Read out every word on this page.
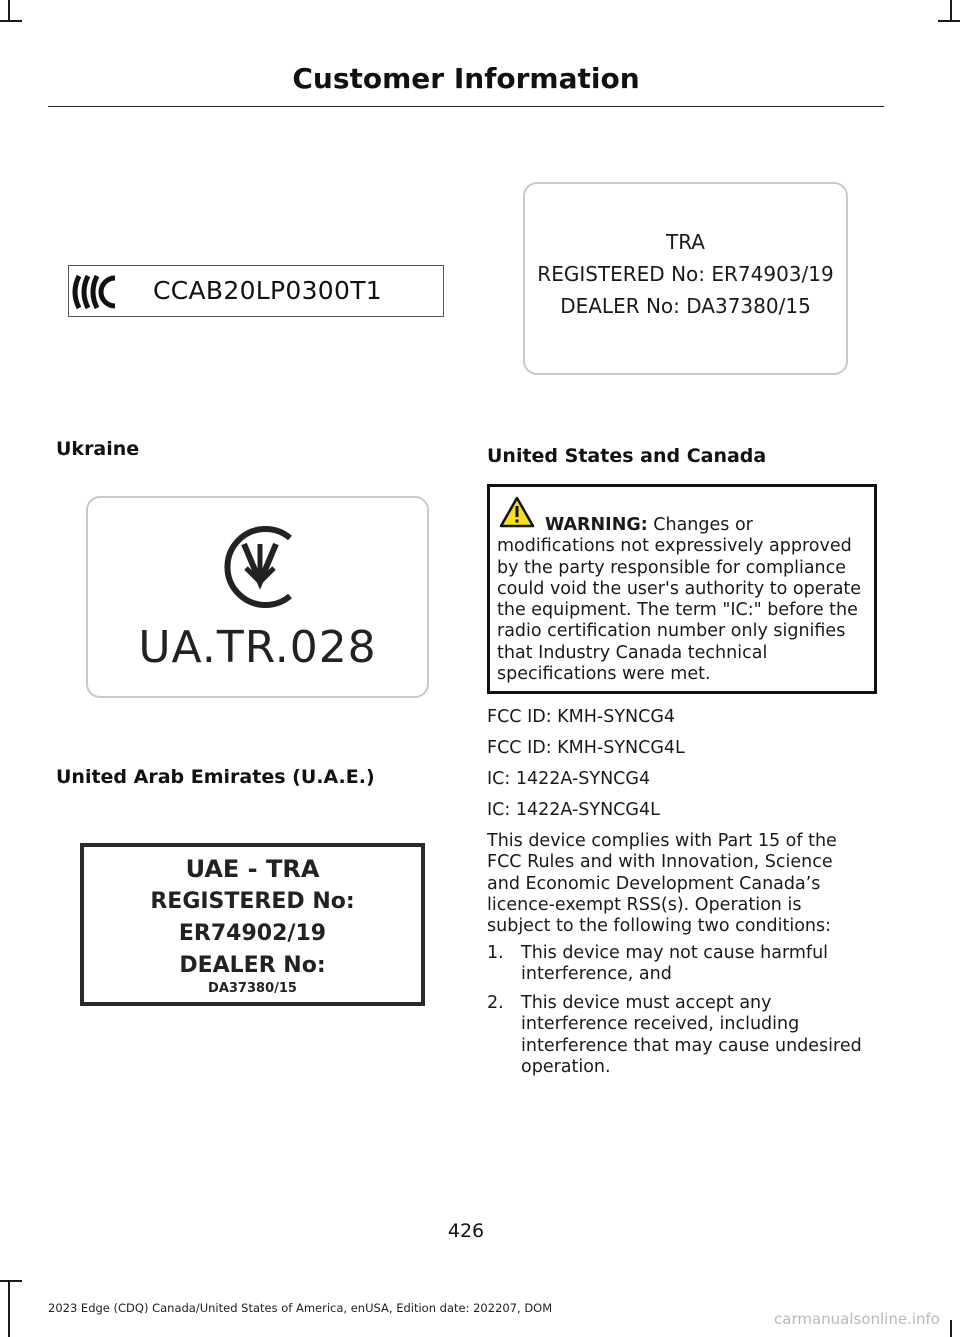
Customer Information
CCAB20LP0300T1
TRA
REGISTERED No: ER74903/19
DEALER No: DA37380/15
Ukraine
UA.TR.028
United Arab Emirates (U.A.E.)
UAE - TRA
REGISTERED No:
ER74902/19
DEALER No:
DA37380/15
United States and Canada
WARNING: Changes or
modifications not expressively approved
by the party responsible for compliance
could void the user's authority to operate
the equipment. The term "IC:" before the
radio certification number only signifies
that Industry Canada technical
specifications were met.
FCC ID: KMH-SYNCG4
FCC ID: KMH-SYNCG4L
IC: 1422A-SYNCG4
IC: 1422A-SYNCG4L
This device complies with Part 15 of the
FCC Rules and with Innovation, Science
and Economic Development Canada’s
licence-exempt RSS(s). Operation is
subject to the following two conditions:
1. This device may not cause harmful
interference, and
2. This device must accept any
interference received, including
interference that may cause undesired
operation.
426
2023 Edge (CDQ) Canada/United States of America, enUSA, Edition date: 202207, DOM
carmanualsonline.info
